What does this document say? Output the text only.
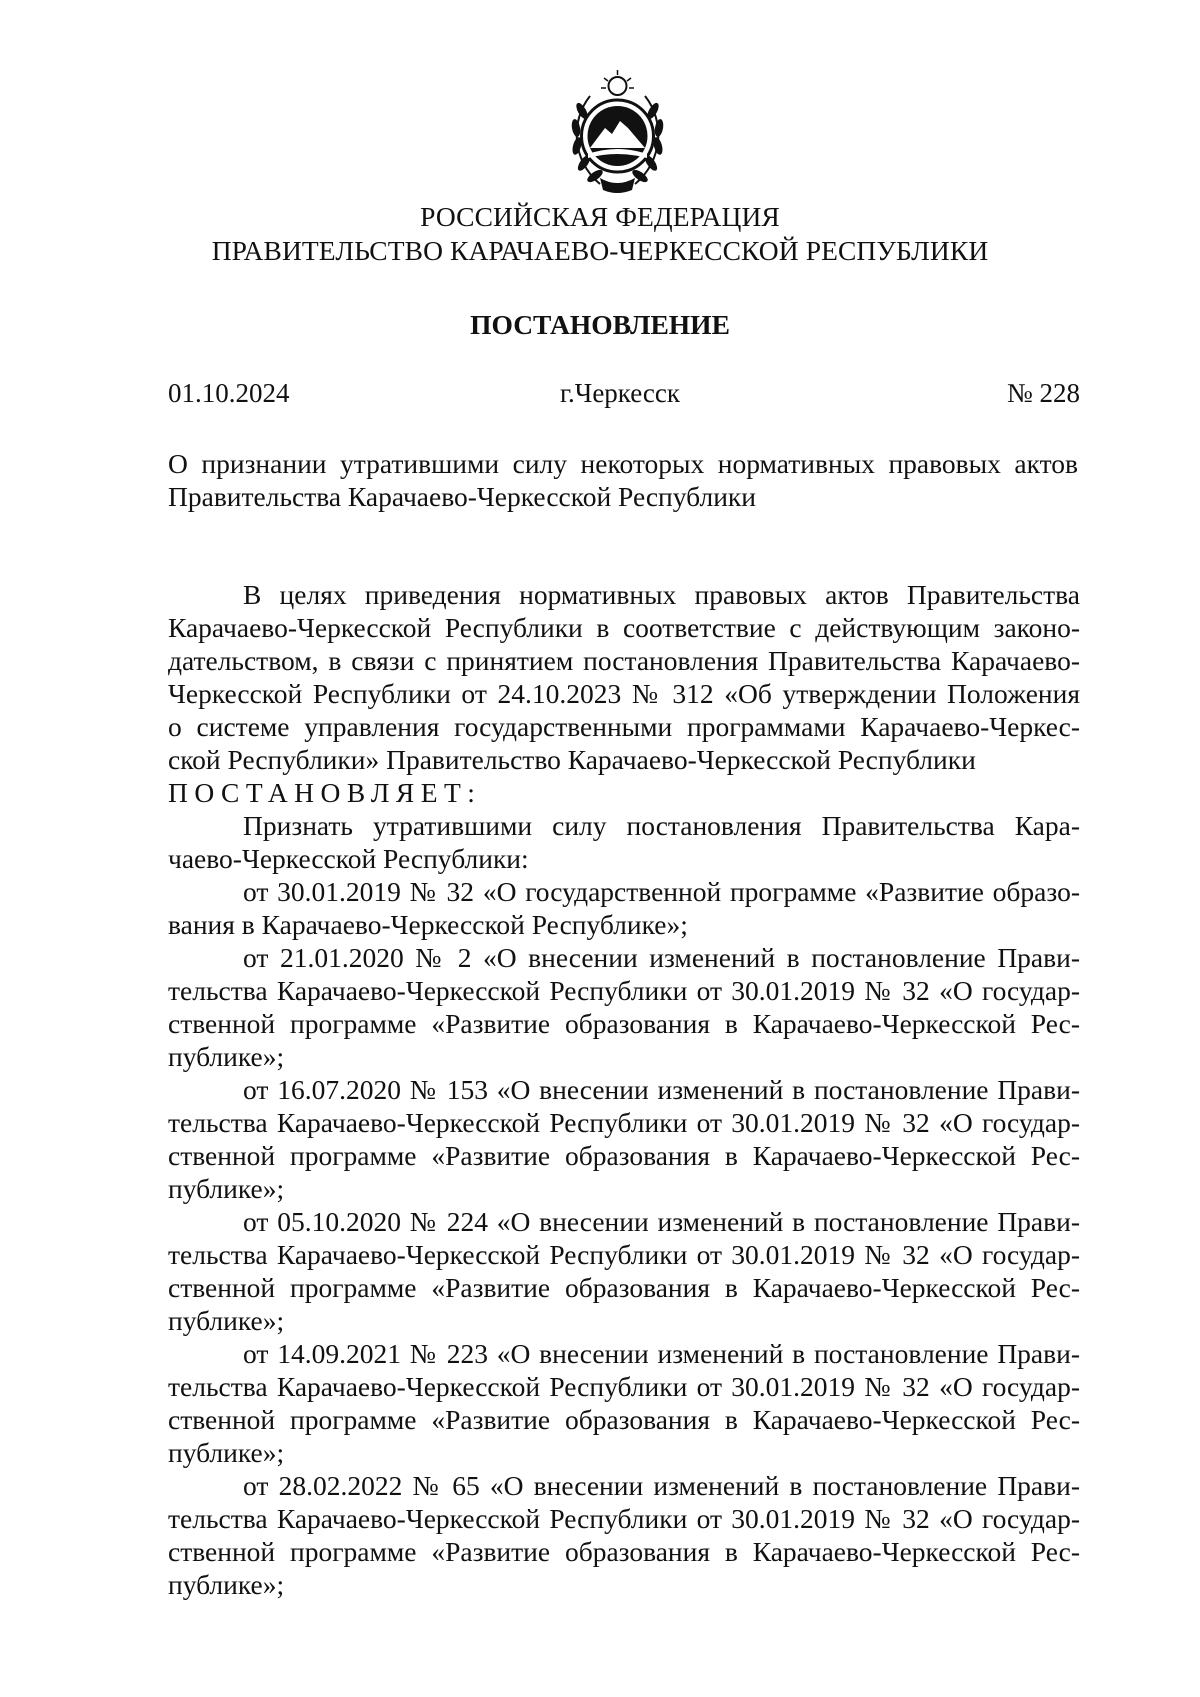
РОССИЙСКАЯ ФЕДЕРАЦИЯ
ПРАВИТЕЛЬСТВО КАРАЧАЕВО-ЧЕРКЕССКОЙ РЕСПУБЛИКИ
ПОСТАНОВЛЕНИЕ
01.10.2024	г.Черкесск	№ 228
О признании утратившими силу некоторых нормативных правовых актов Правительства Карачаево-Черкесской Республики
В целях приведения нормативных правовых актов Правительства
Карачаево-Черкесской Республики в соответствие с действующим законо-
дательством, в связи с принятием постановления Правительства Карачаево-
Черкесской Республики от 24.10.2023 № 312 «Об утверждении Положения
о системе управления государственными программами Карачаево-Черкес-
ской Республики» Правительство Карачаево-Черкесской Республики
ПОСТАНОВЛЯЕТ:
Признать утратившими силу постановления Правительства Кара-
чаево-Черкесской Республики:
от 30.01.2019 № 32 «О государственной программе «Развитие образо-
вания в Карачаево-Черкесской Республике»;
от 21.01.2020 № 2 «О внесении изменений в постановление Прави-
тельства Карачаево-Черкесской Республики от 30.01.2019 № 32 «О государ-
ственной программе «Развитие образования в Карачаево-Черкесской Рес-
публике»;
от 16.07.2020 № 153 «О внесении изменений в постановление Прави-
тельства Карачаево-Черкесской Республики от 30.01.2019 № 32 «О государ-
ственной программе «Развитие образования в Карачаево-Черкесской Рес-
публике»;
от 05.10.2020 № 224 «О внесении изменений в постановление Прави-
тельства Карачаево-Черкесской Республики от 30.01.2019 № 32 «О государ-
ственной программе «Развитие образования в Карачаево-Черкесской Рес-
публике»;
от 14.09.2021 № 223 «О внесении изменений в постановление Прави-
тельства Карачаево-Черкесской Республики от 30.01.2019 № 32 «О государ-
ственной программе «Развитие образования в Карачаево-Черкесской Рес-
публике»;
от 28.02.2022 № 65 «О внесении изменений в постановление Прави-
тельства Карачаево-Черкесской Республики от 30.01.2019 № 32 «О государ-
ственной программе «Развитие образования в Карачаево-Черкесской Рес-
публике»;
